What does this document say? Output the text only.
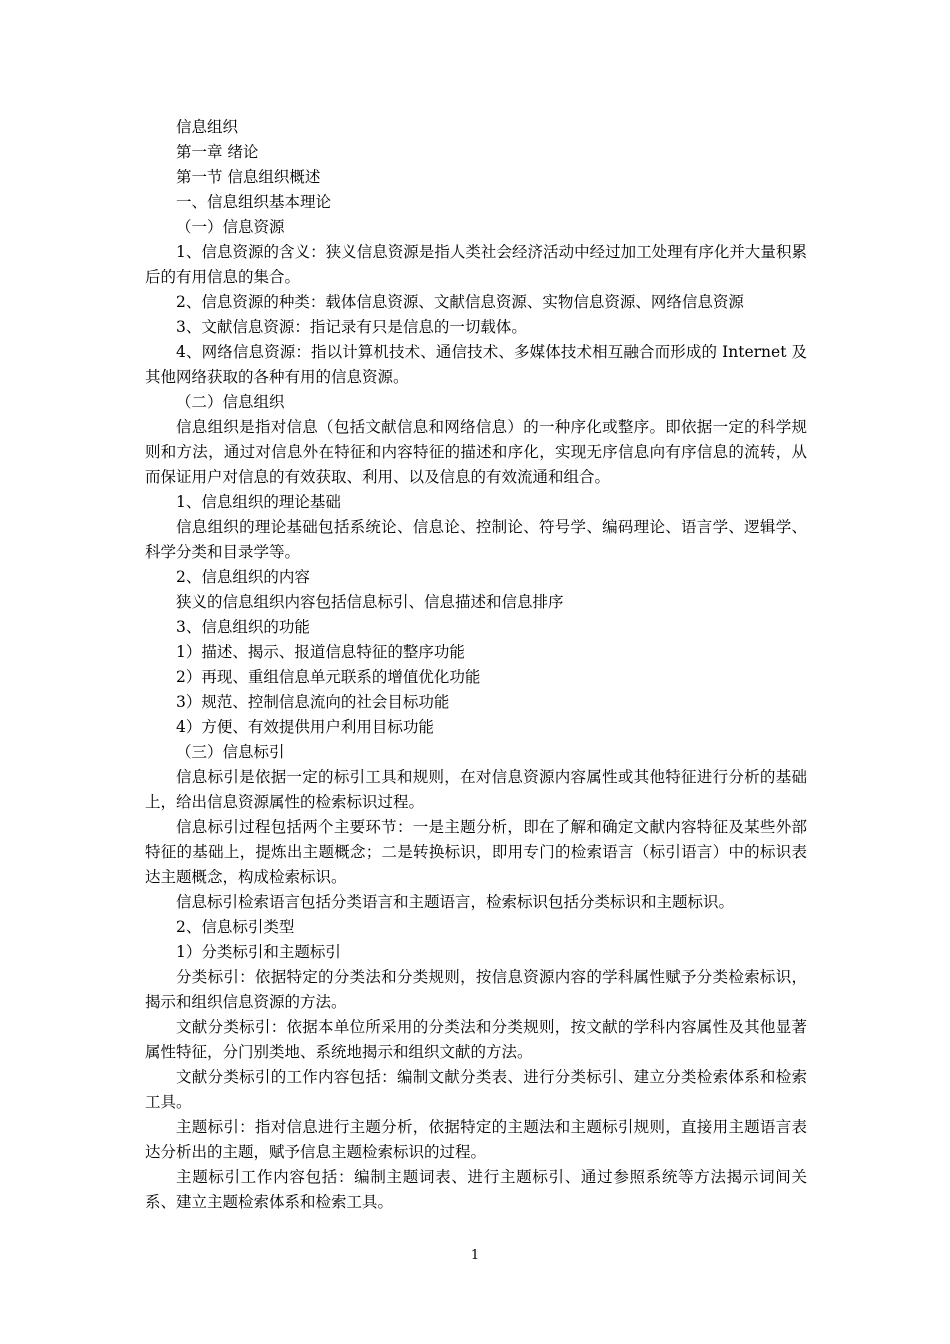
信息组织

第一章 绪论

第一节 信息组织概述

一、信息组织基本理论

（一）信息资源

1、信息资源的含义：狭义信息资源是指人类社会经济活动中经过加工处理有序化并大量积累后的有用信息的集合。

2、信息资源的种类：载体信息资源、文献信息资源、实物信息资源、网络信息资源

3、文献信息资源：指记录有只是信息的一切载体。

4、网络信息资源：指以计算机技术、通信技术、多媒体技术相互融合而形成的 Internet 及其他网络获取的各种有用的信息资源。

（二）信息组织

信息组织是指对信息（包括文献信息和网络信息）的一种序化或整序。即依据一定的科学规则和方法，通过对信息外在特征和内容特征的描述和序化，实现无序信息向有序信息的流转，从而保证用户对信息的有效获取、利用、以及信息的有效流通和组合。

1、信息组织的理论基础

信息组织的理论基础包括系统论、信息论、控制论、符号学、编码理论、语言学、逻辑学、科学分类和目录学等。

2、信息组织的内容

狭义的信息组织内容包括信息标引、信息描述和信息排序

3、信息组织的功能

1）描述、揭示、报道信息特征的整序功能

2）再现、重组信息单元联系的增值优化功能

3）规范、控制信息流向的社会目标功能

4）方便、有效提供用户利用目标功能

（三）信息标引

信息标引是依据一定的标引工具和规则，在对信息资源内容属性或其他特征进行分析的基础上，给出信息资源属性的检索标识过程。

信息标引过程包括两个主要环节：一是主题分析，即在了解和确定文献内容特征及某些外部特征的基础上，提炼出主题概念；二是转换标识，即用专门的检索语言（标引语言）中的标识表达主题概念，构成检索标识。

信息标引检索语言包括分类语言和主题语言，检索标识包括分类标识和主题标识。

2、信息标引类型

1）分类标引和主题标引

分类标引：依据特定的分类法和分类规则，按信息资源内容的学科属性赋予分类检索标识，揭示和组织信息资源的方法。

文献分类标引：依据本单位所采用的分类法和分类规则，按文献的学科内容属性及其他显著属性特征，分门别类地、系统地揭示和组织文献的方法。

文献分类标引的工作内容包括：编制文献分类表、进行分类标引、建立分类检索体系和检索工具。

主题标引：指对信息进行主题分析，依据特定的主题法和主题标引规则，直接用主题语言表达分析出的主题，赋予信息主题检索标识的过程。

主题标引工作内容包括：编制主题词表、进行主题标引、通过参照系统等方法揭示词间关系、建立主题检索体系和检索工具。

1
